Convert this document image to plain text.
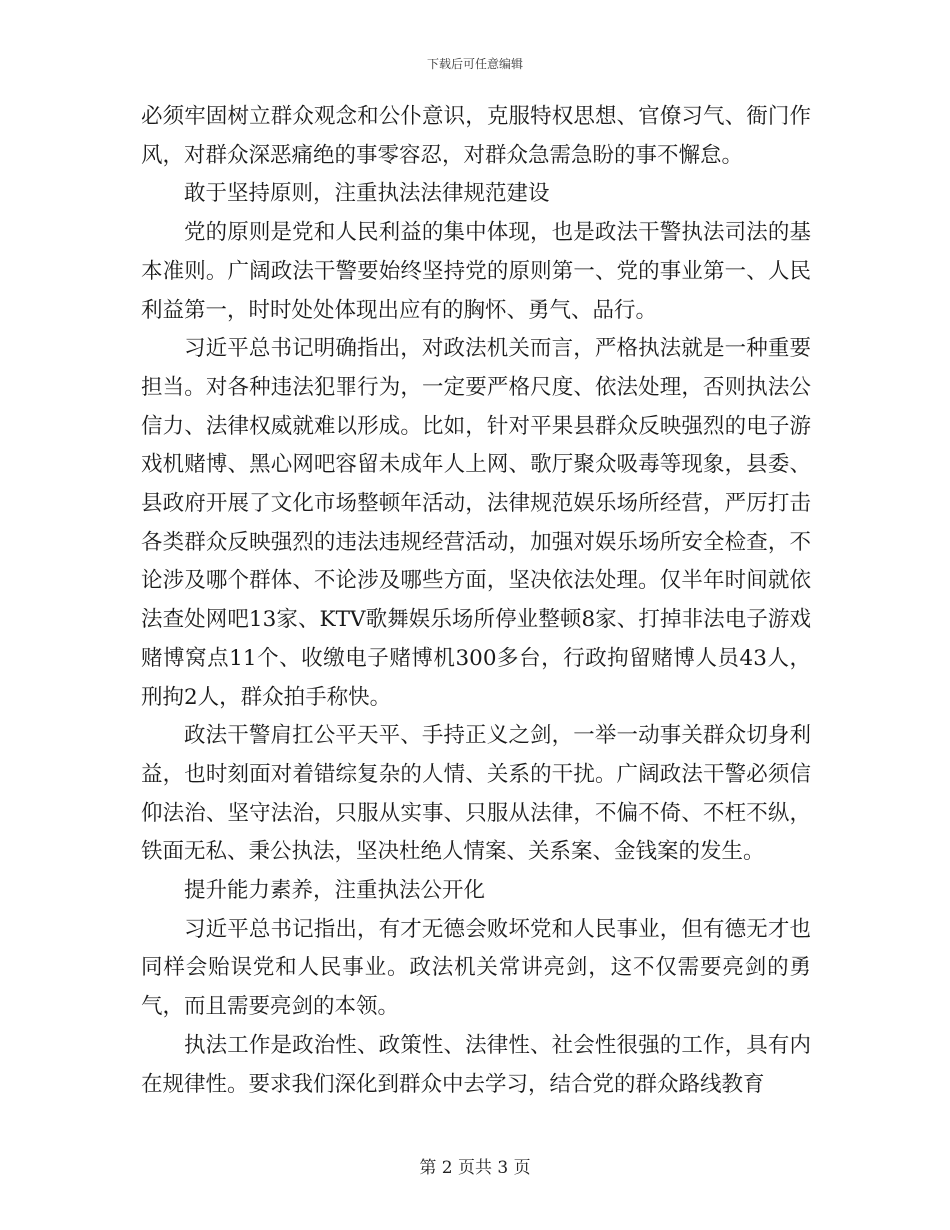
下载后可任意编辑

必须牢固树立群众观念和公仆意识，克服特权思想、官僚习气、衙门作风，对群众深恶痛绝的事零容忍，对群众急需急盼的事不懈怠。

敢于坚持原则，注重执法法律规范建设

党的原则是党和人民利益的集中体现，也是政法干警执法司法的基本准则。广阔政法干警要始终坚持党的原则第一、党的事业第一、人民利益第一，时时处处体现出应有的胸怀、勇气、品行。

习近平总书记明确指出，对政法机关而言，严格执法就是一种重要担当。对各种违法犯罪行为，一定要严格尺度、依法处理，否则执法公信力、法律权威就难以形成。比如，针对平果县群众反映强烈的电子游戏机赌博、黑心网吧容留未成年人上网、歌厅聚众吸毒等现象，县委、县政府开展了文化市场整顿年活动，法律规范娱乐场所经营，严厉打击各类群众反映强烈的违法违规经营活动，加强对娱乐场所安全检查，不论涉及哪个群体、不论涉及哪些方面，坚决依法处理。仅半年时间就依法查处网吧13家、KTV歌舞娱乐场所停业整顿8家、打掉非法电子游戏赌博窝点11个、收缴电子赌博机300多台，行政拘留赌博人员43人，刑拘2人，群众拍手称快。

政法干警肩扛公平天平、手持正义之剑，一举一动事关群众切身利益，也时刻面对着错综复杂的人情、关系的干扰。广阔政法干警必须信仰法治、坚守法治，只服从实事、只服从法律，不偏不倚、不枉不纵，铁面无私、秉公执法，坚决杜绝人情案、关系案、金钱案的发生。

提升能力素养，注重执法公开化

习近平总书记指出，有才无德会败坏党和人民事业，但有德无才也同样会贻误党和人民事业。政法机关常讲亮剑，这不仅需要亮剑的勇气，而且需要亮剑的本领。

执法工作是政治性、政策性、法律性、社会性很强的工作，具有内在规律性。要求我们深化到群众中去学习，结合党的群众路线教育

第 2 页共 3 页
